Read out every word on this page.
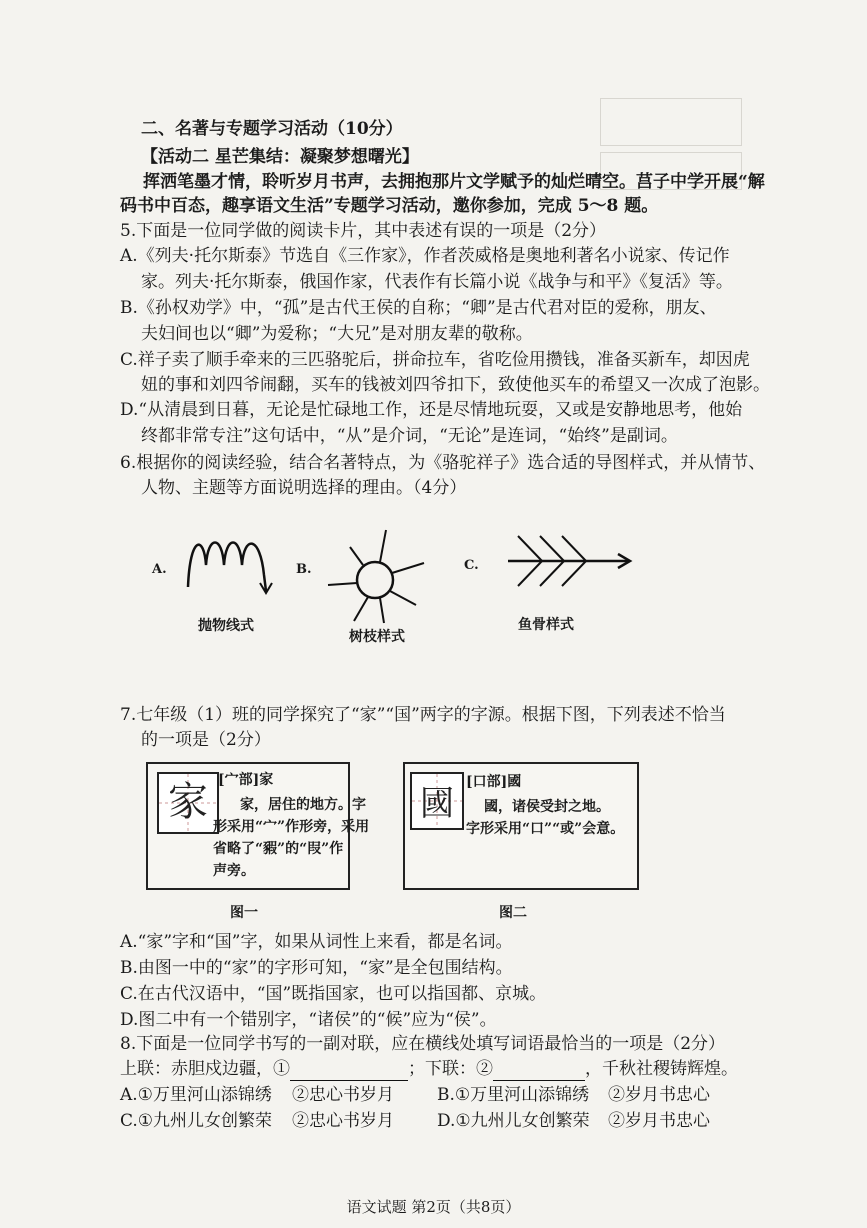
二、名著与专题学习活动（10分）
【活动二 星芒集结：凝聚梦想曙光】
挥洒笔墨才情，聆听岁月书声，去拥抱那片文学赋予的灿烂晴空。莒子中学开展“解
码书中百态，趣享语文生活”专题学习活动，邀你参加，完成 5～8 题。
5.下面是一位同学做的阅读卡片，其中表述有误的一项是（2分）
A.《列夫·托尔斯泰》节选自《三作家》，作者茨威格是奥地利著名小说家、传记作
家。列夫·托尔斯泰，俄国作家，代表作有长篇小说《战争与和平》《复活》等。
B.《孙权劝学》中，“孤”是古代王侯的自称；“卿”是古代君对臣的爱称，朋友、
夫妇间也以“卿”为爱称；“大兄”是对朋友辈的敬称。
C.祥子卖了顺手牵来的三匹骆驼后，拼命拉车，省吃俭用攒钱，准备买新车，却因虎
妞的事和刘四爷闹翻，买车的钱被刘四爷扣下，致使他买车的希望又一次成了泡影。
D.“从清晨到日暮，无论是忙碌地工作，还是尽情地玩耍，又或是安静地思考，他始
终都非常专注”这句话中，“从”是介词，“无论”是连词，“始终”是副词。
6.根据你的阅读经验，结合名著特点，为《骆驼祥子》选合适的导图样式，并从情节、
人物、主题等方面说明选择的理由。（4分）
A.
抛物线式
B.
树枝样式
C.
鱼骨样式
7.七年级（1）班的同学探究了“家”“国”两字的字源。根据下图，下列表述不恰当
的一项是（2分）
家 [宀部]家
家，居住的地方。字
形采用“宀”作形旁，采用
省略了“豭”的“叚”作
声旁。
图一
國
[口部]國
國，诸侯受封之地。
字形采用“口”“或”会意。
图二
A.“家”字和“国”字，如果从词性上来看，都是名词。
B.由图一中的“家”的字形可知，“家”是全包围结构。
C.在古代汉语中，“国”既指国家，也可以指国都、京城。
D.图二中有一个错别字，“诸侯”的“候”应为“侯”。
8.下面是一位同学书写的一副对联，应在横线处填写词语最恰当的一项是（2分）
上联：赤胆戍边疆，①	；下联：②	，千秋社稷铸辉煌。
A.①万里河山添锦绣 ②忠心书岁月	B.①万里河山添锦绣 ②岁月书忠心
C.①九州儿女创繁荣 ②忠心书岁月	D.①九州儿女创繁荣 ②岁月书忠心
语文试题 第2页（共8页）
